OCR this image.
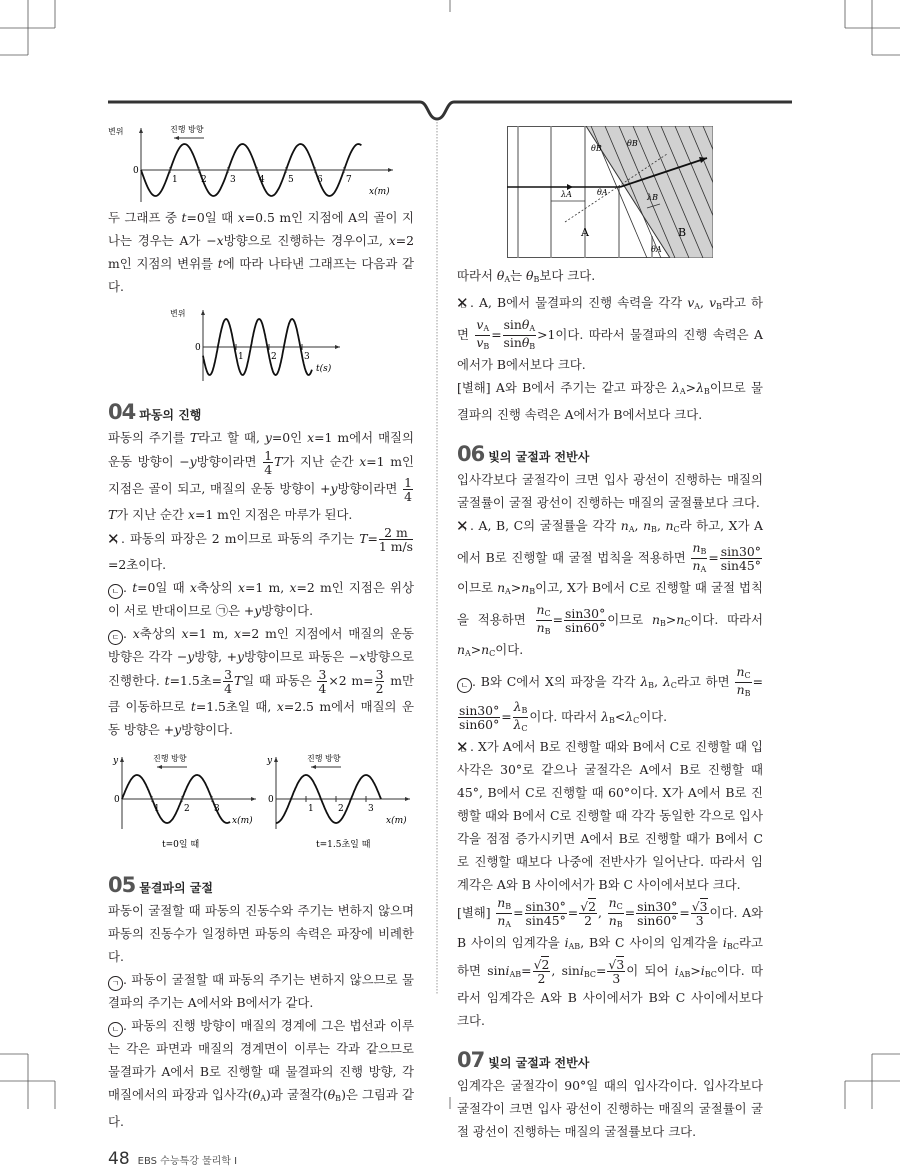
1	2	3	4	5	6	7
0
x(m)
변위	진행 방향

두 그래프 중 t=0일 때 x=0.5 m인 지점에 A의 골이 지나는 경우는 A가 −x방향으로 진행하는 경우이고, x=2 m인 지점의 변위를 t에 따라 나타낸 그래프는 다음과 같다.

1	2	3
0
t(s)
변위
04 파동의 진행

파동의 주기를 T라고 할 때, y=0인 x=1 m에서 매질의 운동 방향이 −y방향이라면 $\frac{1}{4}$ T가 지난 순간 x=1 m인 지점은 골이 되고, 매질의 운동 방향이 +y방향이라면 $\frac{1}{4}$
T가 지난 순간 x=1 m인 지점은 마루가 된다.

ㄱ ✕ . 파동의 파장은 2 m이므로 파동의 주기는 $T= \frac{2 m}{1 m/s}$
=2초이다.

ㄴ . t=0일 때 x축상의 x=1 m, x=2 m인 지점은 위상이 서로 반대이므로 ㉠은 +y방향이다.

ㄷ . x축상의 x=1 m, x=2 m인 지점에서 매질의 운동 방향은 각각 −y방향, +y방향이므로 파동은 −x방향으로 진행한다. t=1.5초= $\frac{3}{4}$ T일 때 파동은 $\frac{3}{4} \times 2$ $m= \frac{3}{2}$ m만큼 이동하므로 t=1.5초일 때, x=2.5 m에서 매질의 운동 방향은 +y방향이다.

1	2	3
0
x(m)
y	진행 방향
t=0일 때
1	2	3
0
x(m)
y	진행 방향
t=1.5초일 때
05 물결파의 굴절

파동이 굴절할 때 파동의 진동수와 주기는 변하지 않으며 파동의 진동수가 일정하면 파동의 속력은 파장에 비례한다.

ㄱ . 파동이 굴절할 때 파동의 주기는 변하지 않으므로 물결파의 주기는 A에서와 B에서가 같다.

ㄴ . 파동의 진행 방향이 매질의 경계에 그은 법선과 이루는 각은 파면과 매질의 경계면이 이루는 각과 같으므로 물결파가 A에서 B로 진행할 때 물결파의 진행 방향, 각 매질에서의 파장과 입사각$(\theta_A)$과 굴절각$(\theta_B)$은 그림과 같다.

48 EBS 수능특강 물리학 Ⅰ
λA	θA
θB
θB
λB
A	B
θA

따라서 $\theta_A$는 $\theta_B$보다 크다.

ㄷ ✕ . A, B에서 물결파의 진행 속력을 각각 $v_A$, $v_B$라고 하면 $\frac{v_A}{v_B} = \frac{\sin\theta_A}{\sin\theta_B} >1$이다. 따라서 물결파의 진행 속력은 A에서가 B에서보다 크다.

[별해] A와 B에서 주기는 같고 파장은 $\lambda_A>\lambda_B$이므로 물결파의 진행 속력은 A에서가 B에서보다 크다.

06 빛의 굴절과 전반사

입사각보다 굴절각이 크면 입사 광선이 진행하는 매질의 굴절률이 굴절 광선이 진행하는 매질의 굴절률보다 크다.

ㄱ ✕ . A, B, C의 굴절률을 각각 $n_A$, $n_B$, $n_C$라 하고, X가 A에서 B로 진행할 때 굴절 법칙을 적용하면 $\frac{n_B}{n_A} = \frac{\sin 30^\circ}{\sin 45^\circ}$
이므로 $n_A>n_B$이고, X가 B에서 C로 진행할 때 굴절 법칙을 적용하면 $\frac{n_C}{n_B} = \frac{\sin 30^\circ}{\sin 60^\circ}$ 이므로 $n_B>n_C$이다. 따라서 $n_A>n_C$이다.

ㄴ . B와 C에서 X의 파장을 각각 $\lambda_B$, $\lambda_C$라고 하면 $\frac{n_C}{n_B}$ =
$\frac{\sin 30^\circ}{\sin 60^\circ} = \frac{\lambda_B}{\lambda_C}$ 이다. 따라서 $\lambda_B<\lambda_C$이다.

ㄷ ✕ . X가 A에서 B로 진행할 때와 B에서 C로 진행할 때 입사각은 30°로 같으나 굴절각은 A에서 B로 진행할 때 45°, B에서 C로 진행할 때 60°이다. X가 A에서 B로 진행할 때와 B에서 C로 진행할 때 각각 동일한 각으로 입사각을 점점 증가시키면 A에서 B로 진행할 때가 B에서 C로 진행할 때보다 나중에 전반사가 일어난다. 따라서 임계각은 A와 B 사이에서가 B와 C 사이에서보다 크다.

[별해] $\frac{n_B}{n_A} = \frac{\sin 30^\circ}{\sin 45^\circ} = \frac{√2}{2}$ , $\frac{n_C}{n_B} = \frac{\sin 30^\circ}{\sin 60^\circ} = \frac{√3}{3}$ 이다. A와 B 사이의 임계각을 $i_{AB}$, B와 C 사이의 임계각을 $i_{BC}$라고 하면 $\sin i_{AB}= \frac{√2}{2}$ , $\sin i_{BC}= \frac{√3}{3}$ 이 되어 $i_{AB}>i_{BC}$이다. 따라서 임계각은 A와 B 사이에서가 B와 C 사이에서보다 크다.

07 빛의 굴절과 전반사

임계각은 굴절각이 90°일 때의 입사각이다. 입사각보다 굴절각이 크면 입사 광선이 진행하는 매질의 굴절률이 굴절 광선이 진행하는 매질의 굴절률보다 크다.
